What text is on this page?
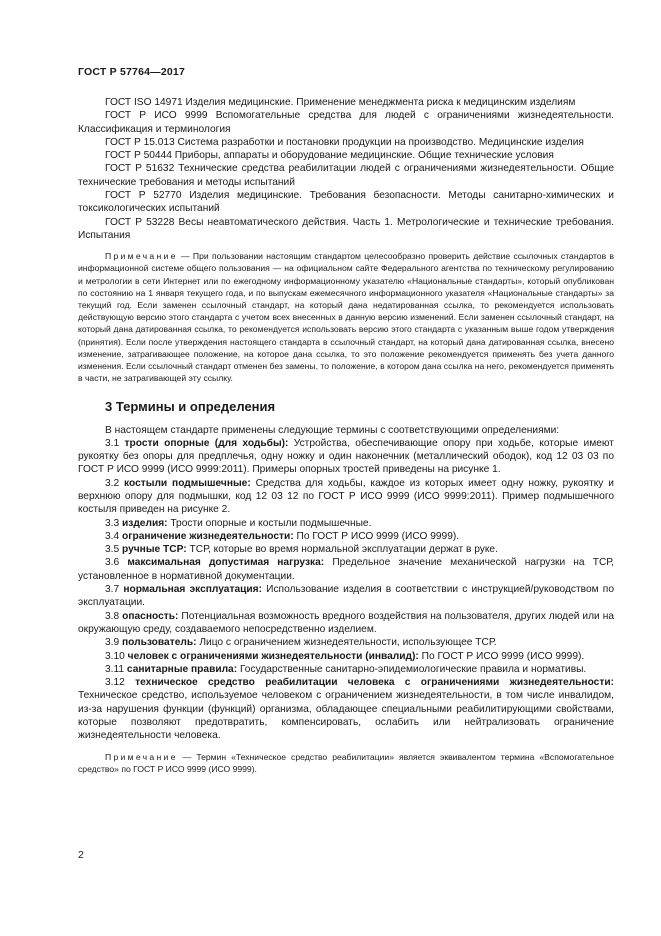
ГОСТ Р 57764—2017

ГОСТ ISO 14971 Изделия медицинские. Применение менеджмента риска к медицинским изделиям

ГОСТ Р ИСО 9999 Вспомогательные средства для людей с ограничениями жизнедеятельности. Классификация и терминология

ГОСТ Р 15.013 Система разработки и постановки продукции на производство. Медицинские изделия

ГОСТ Р 50444 Приборы, аппараты и оборудование медицинские. Общие технические условия

ГОСТ Р 51632 Технические средства реабилитации людей с ограничениями жизнедеятельности. Общие технические требования и методы испытаний

ГОСТ Р 52770 Изделия медицинские. Требования безопасности. Методы санитарно-химических и токсикологических испытаний

ГОСТ Р 53228 Весы неавтоматического действия. Часть 1. Метрологические и технические требования. Испытания

Примечание — При пользовании настоящим стандартом целесообразно проверить действие ссылочных стандартов в информационной системе общего пользования — на официальном сайте Федерального агентства по техническому регулированию и метрологии в сети Интернет или по ежегодному информационному указателю «Национальные стандарты», который опубликован по состоянию на 1 января текущего года, и по выпускам ежемесячного информационного указателя «Национальные стандарты» за текущий год. Если заменен ссылочный стандарт, на который дана недатированная ссылка, то рекомендуется использовать действующую версию этого стандарта с учетом всех внесенных в данную версию изменений. Если заменен ссылочный стандарт, на который дана датированная ссылка, то рекомендуется использовать версию этого стандарта с указанным выше годом утверждения (принятия). Если после утверждения настоящего стандарта в ссылочный стандарт, на который дана датированная ссылка, внесено изменение, затрагивающее положение, на которое дана ссылка, то это положение рекомендуется применять без учета данного изменения. Если ссылочный стандарт отменен без замены, то положение, в котором дана ссылка на него, рекомендуется применять в части, не затрагивающей эту ссылку.

3 Термины и определения

В настоящем стандарте применены следующие термины с соответствующими определениями:

3.1 трости опорные (для ходьбы): Устройства, обеспечивающие опору при ходьбе, которые имеют рукоятку без опоры для предплечья, одну ножку и один наконечник (металлический ободок), код 12 03 03 по ГОСТ Р ИСО 9999 (ИСО 9999:2011). Примеры опорных тростей приведены на рисунке 1.

3.2 костыли подмышечные: Средства для ходьбы, каждое из которых имеет одну ножку, рукоятку и верхнюю опору для подмышки, код 12 03 12 по ГОСТ Р ИСО 9999 (ИСО 9999:2011). Пример подмышечного костыля приведен на рисунке 2.

3.3 изделия: Трости опорные и костыли подмышечные.

3.4 ограничение жизнедеятельности: По ГОСТ Р ИСО 9999 (ИСО 9999).

3.5 ручные ТСР: ТСР, которые во время нормальной эксплуатации держат в руке.

3.6 максимальная допустимая нагрузка: Предельное значение механической нагрузки на ТСР, установленное в нормативной документации.

3.7 нормальная эксплуатация: Использование изделия в соответствии с инструкцией/руководством по эксплуатации.

3.8 опасность: Потенциальная возможность вредного воздействия на пользователя, других людей или на окружающую среду, создаваемого непосредственно изделием.

3.9 пользователь: Лицо с ограничением жизнедеятельности, использующее ТСР.

3.10 человек с ограничениями жизнедеятельности (инвалид): По ГОСТ Р ИСО 9999 (ИСО 9999).

3.11 санитарные правила: Государственные санитарно-эпидемиологические правила и нормативы.

3.12 техническое средство реабилитации человека с ограничениями жизнедеятельности: Техническое средство, используемое человеком с ограничением жизнедеятельности, в том числе инвалидом, из-за нарушения функции (функций) организма, обладающее специальными реабилитирующими свойствами, которые позволяют предотвратить, компенсировать, ослабить или нейтрализовать ограничение жизнедеятельности человека.

Примечание — Термин «Техническое средство реабилитации» является эквивалентом термина «Вспомогательное средство» по ГОСТ Р ИСО 9999 (ИСО 9999).

2
